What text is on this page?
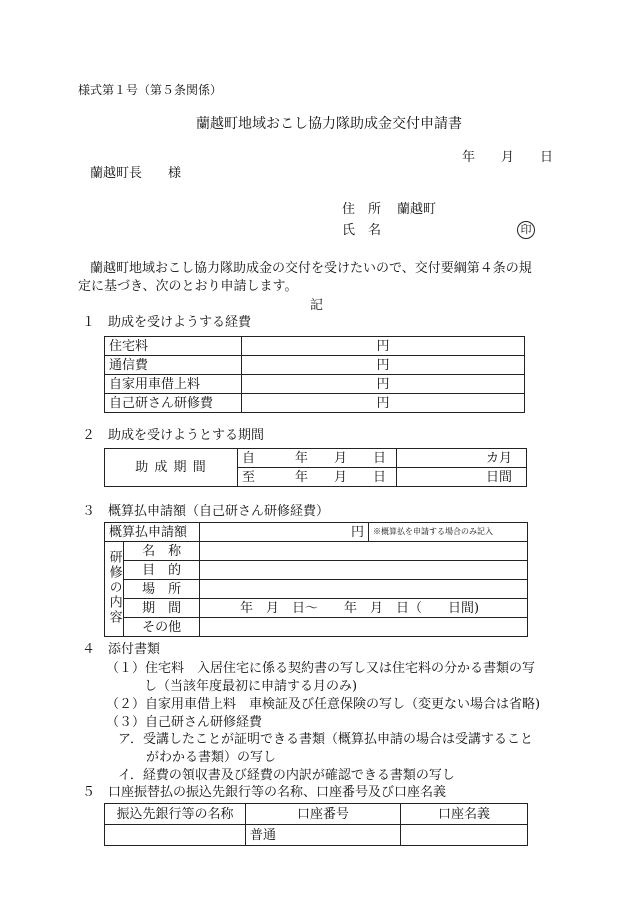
様式第１号（第５条関係）
蘭越町地域おこし協力隊助成金交付申請書
年　　月　　日
蘭越町長　　様
住　所 蘭越町
氏　名	印
蘭越町地域おこし協力隊助成金の交付を受けたいので、交付要綱第４条の規
定に基づき、次のとおり申請します。
記
１　助成を受けようする経費
住宅料	円
通信費	円
自家用車借上料	円
自己研さん研修費	円
２　助成を受けようとする期間
助 成 期 間	自 年 月 日	カ月
	至 年 月 日	日間
３　概算払申請額（自己研さん研修経費）
概算払申請額		円	※概算払を申請する場合のみ記入
研修の内容	名　称		
	目　的		
	場　所		
	期　間	年　月　日～　　年　月　日（　　日間)	
	その他		
４　添付書類
（１）住宅料　入居住宅に係る契約書の写し又は住宅料の分かる書類の写
し（当該年度最初に申請する月のみ)
（２）自家用車借上料　車検証及び任意保険の写し（変更ない場合は省略)
（３）自己研さん研修経費
ア．受講したことが証明できる書類（概算払申請の場合は受講すること
がわかる書類）の写し
イ．経費の領収書及び経費の内訳が確認できる書類の写し
５　口座振替払の振込先銀行等の名称、口座番号及び口座名義
振込先銀行等の名称	口座番号	口座名義
	普通	
